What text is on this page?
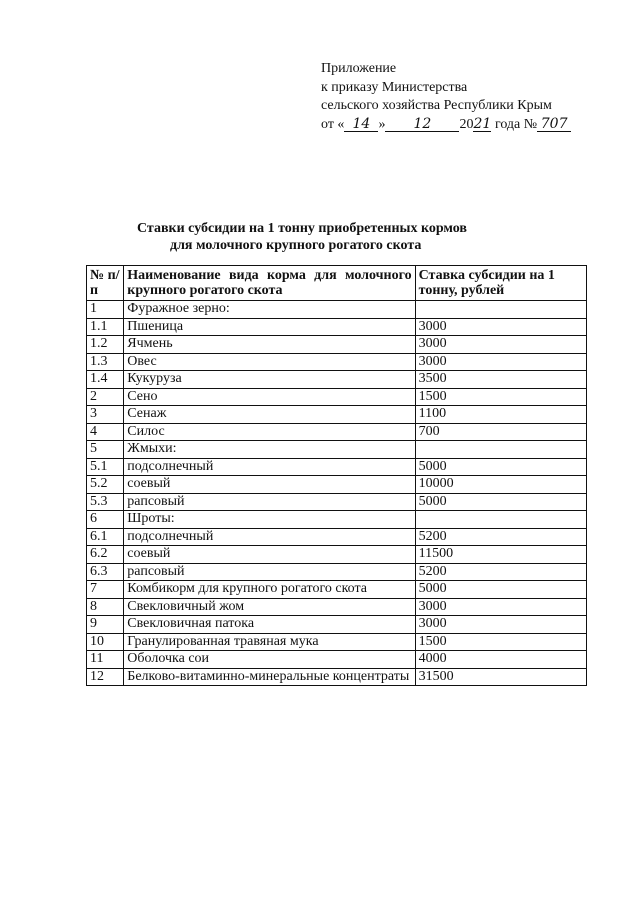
Приложение
к приказу Министерства
сельского хозяйства Республики Крым
от « 14 » 12 2021 года № 707
Ставки субсидии на 1 тонну приобретенных кормов
для молочного крупного рогатого скота
№ п/п	Наименование вида корма для молочного крупного рогатого скота	Ставка субсидии на 1 тонну, рублей
1	Фуражное зерно:	
1.1	Пшеница	3000
1.2	Ячмень	3000
1.3	Овес	3000
1.4	Кукуруза	3500
2	Сено	1500
3	Сенаж	1100
4	Силос	700
5	Жмыхи:	
5.1	подсолнечный	5000
5.2	соевый	10000
5.3	рапсовый	5000
6	Шроты:	
6.1	подсолнечный	5200
6.2	соевый	11500
6.3	рапсовый	5200
7	Комбикорм для крупного рогатого скота	5000
8	Свекловичный жом	3000
9	Свекловичная патока	3000
10	Гранулированная травяная мука	1500
11	Оболочка сои	4000
12	Белково-витаминно-минеральные концентраты	31500
